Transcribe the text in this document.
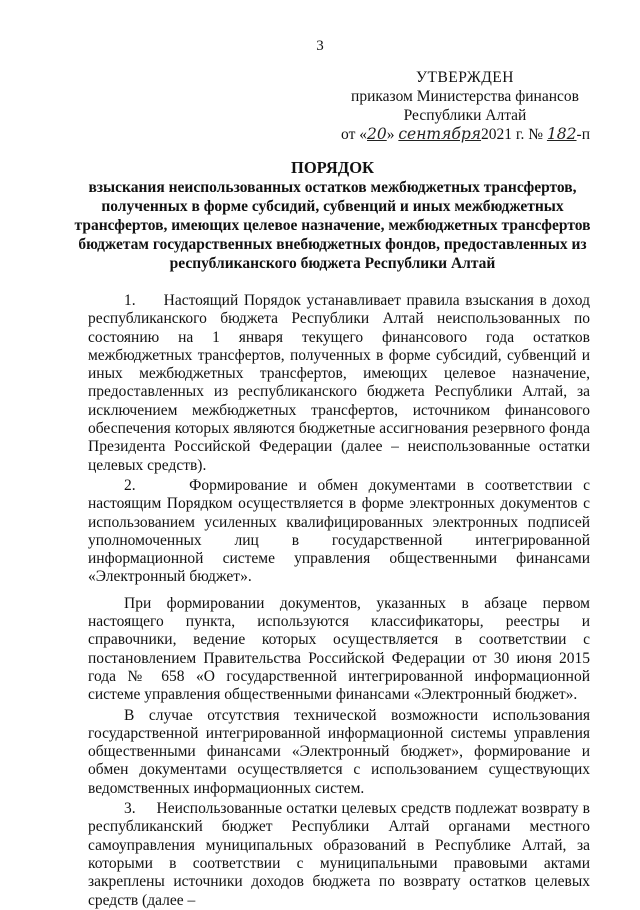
3
УТВЕРЖДЕН
приказом Министерства финансов
Республики Алтай
от «20» сентября2021 г. № 182-п
ПОРЯДОК
взыскания неиспользованных остатков межбюджетных трансфертов, полученных в форме субсидий, субвенций и иных межбюджетных трансфертов, имеющих целевое назначение, межбюджетных трансфертов бюджетам государственных внебюджетных фондов, предоставленных из республиканского бюджета Республики Алтай

1.     Настоящий Порядок устанавливает правила взыскания в доход республиканского бюджета Республики Алтай неиспользованных по состоянию на 1 января текущего финансового года остатков межбюджетных трансфертов, полученных в форме субсидий, субвенций и иных межбюджетных трансфертов, имеющих целевое назначение, предоставленных из республиканского бюджета Республики Алтай, за исключением межбюджетных трансфертов, источником финансового обеспечения которых являются бюджетные ассигнования резервного фонда Президента Российской Федерации (далее – неиспользованные остатки целевых средств).

2.     Формирование и обмен документами в соответствии с настоящим Порядком осуществляется в форме электронных документов с использованием усиленных квалифицированных электронных подписей уполномоченных лиц в государственной интегрированной информационной системе управления общественными финансами «Электронный бюджет».

При формировании документов, указанных в абзаце первом настоящего пункта, используются классификаторы, реестры и справочники, ведение которых осуществляется в соответствии с постановлением Правительства Российской Федерации от 30 июня 2015 года № 658 «О государственной интегрированной информационной системе управления общественными финансами «Электронный бюджет».

В случае отсутствия технической возможности использования государственной интегрированной информационной системы управления общественными финансами «Электронный бюджет», формирование и обмен документами осуществляется с использованием существующих ведомственных информационных систем.

3.     Неиспользованные остатки целевых средств подлежат возврату в республиканский бюджет Республики Алтай органами местного самоуправления муниципальных образований в Республике Алтай, за которыми в соответствии с муниципальными правовыми актами закреплены источники доходов бюджета по возврату остатков целевых средств (далее –
